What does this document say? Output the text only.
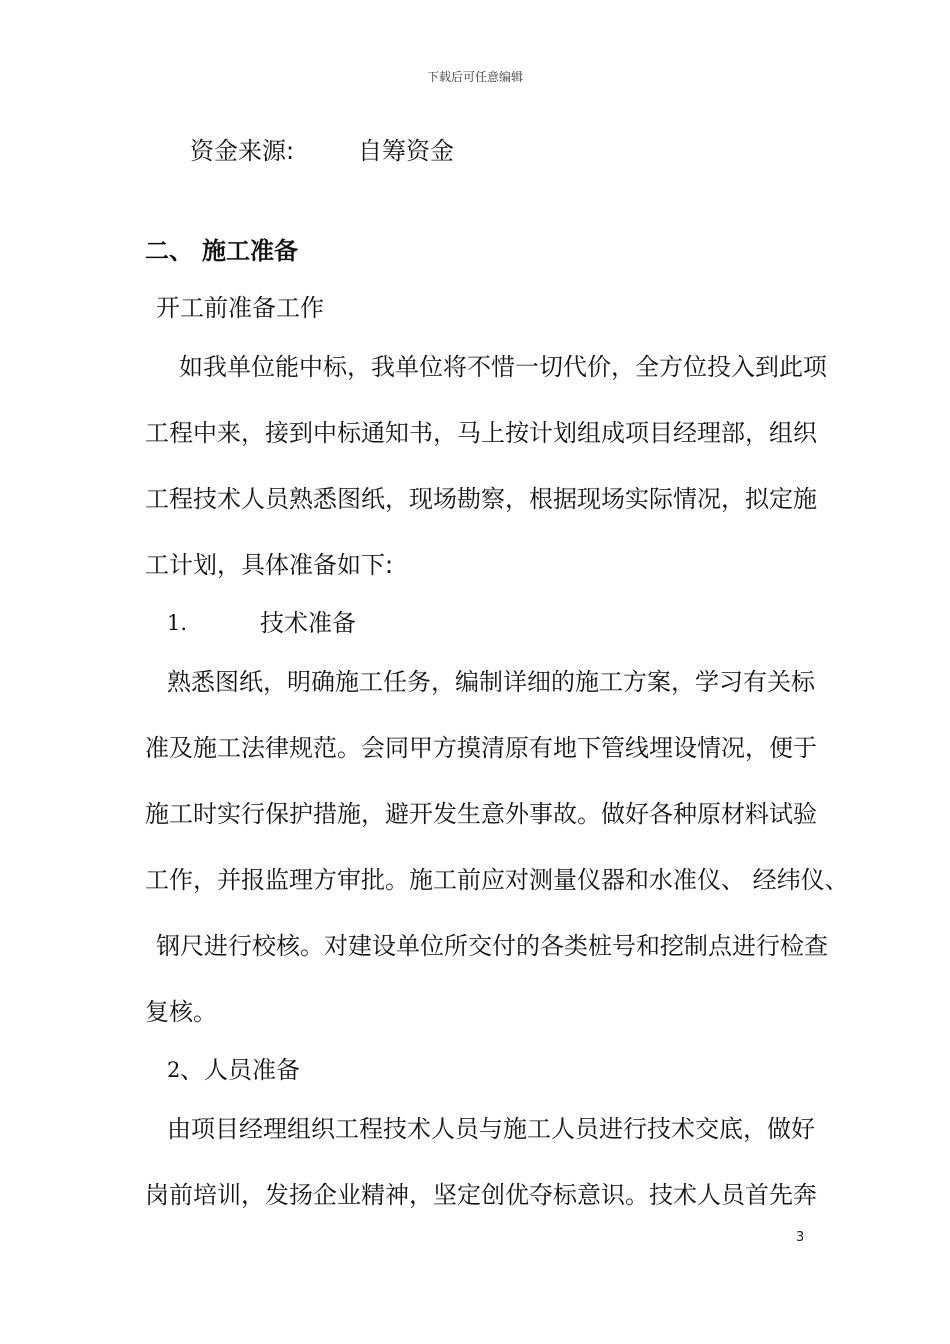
下载后可任意编辑
资金来源:	自筹资金
二、 施工准备
开工前准备工作
如我单位能中标，我单位将不惜一切代价，全方位投入到此项
工程中来，接到中标通知书，马上按计划组成项目经理部，组织
工程技术人员熟悉图纸，现场勘察，根据现场实际情况，拟定施
工计划，具体准备如下:
1.	技术准备
熟悉图纸，明确施工任务，编制详细的施工方案，学习有关标
准及施工法律规范。会同甲方摸清原有地下管线埋设情况，便于
施工时实行保护措施，避开发生意外事故。做好各种原材料试验
工作，并报监理方审批。施工前应对测量仪器和水准仪、 经纬仪、
钢尺进行校核。对建设单位所交付的各类桩号和挖制点进行检查
复核。
2 、人员准备
由项目经理组织工程技术人员与施工人员进行技术交底，做好
岗前培训，发扬企业精神，坚定创优夺标意识。技术人员首先奔
3
